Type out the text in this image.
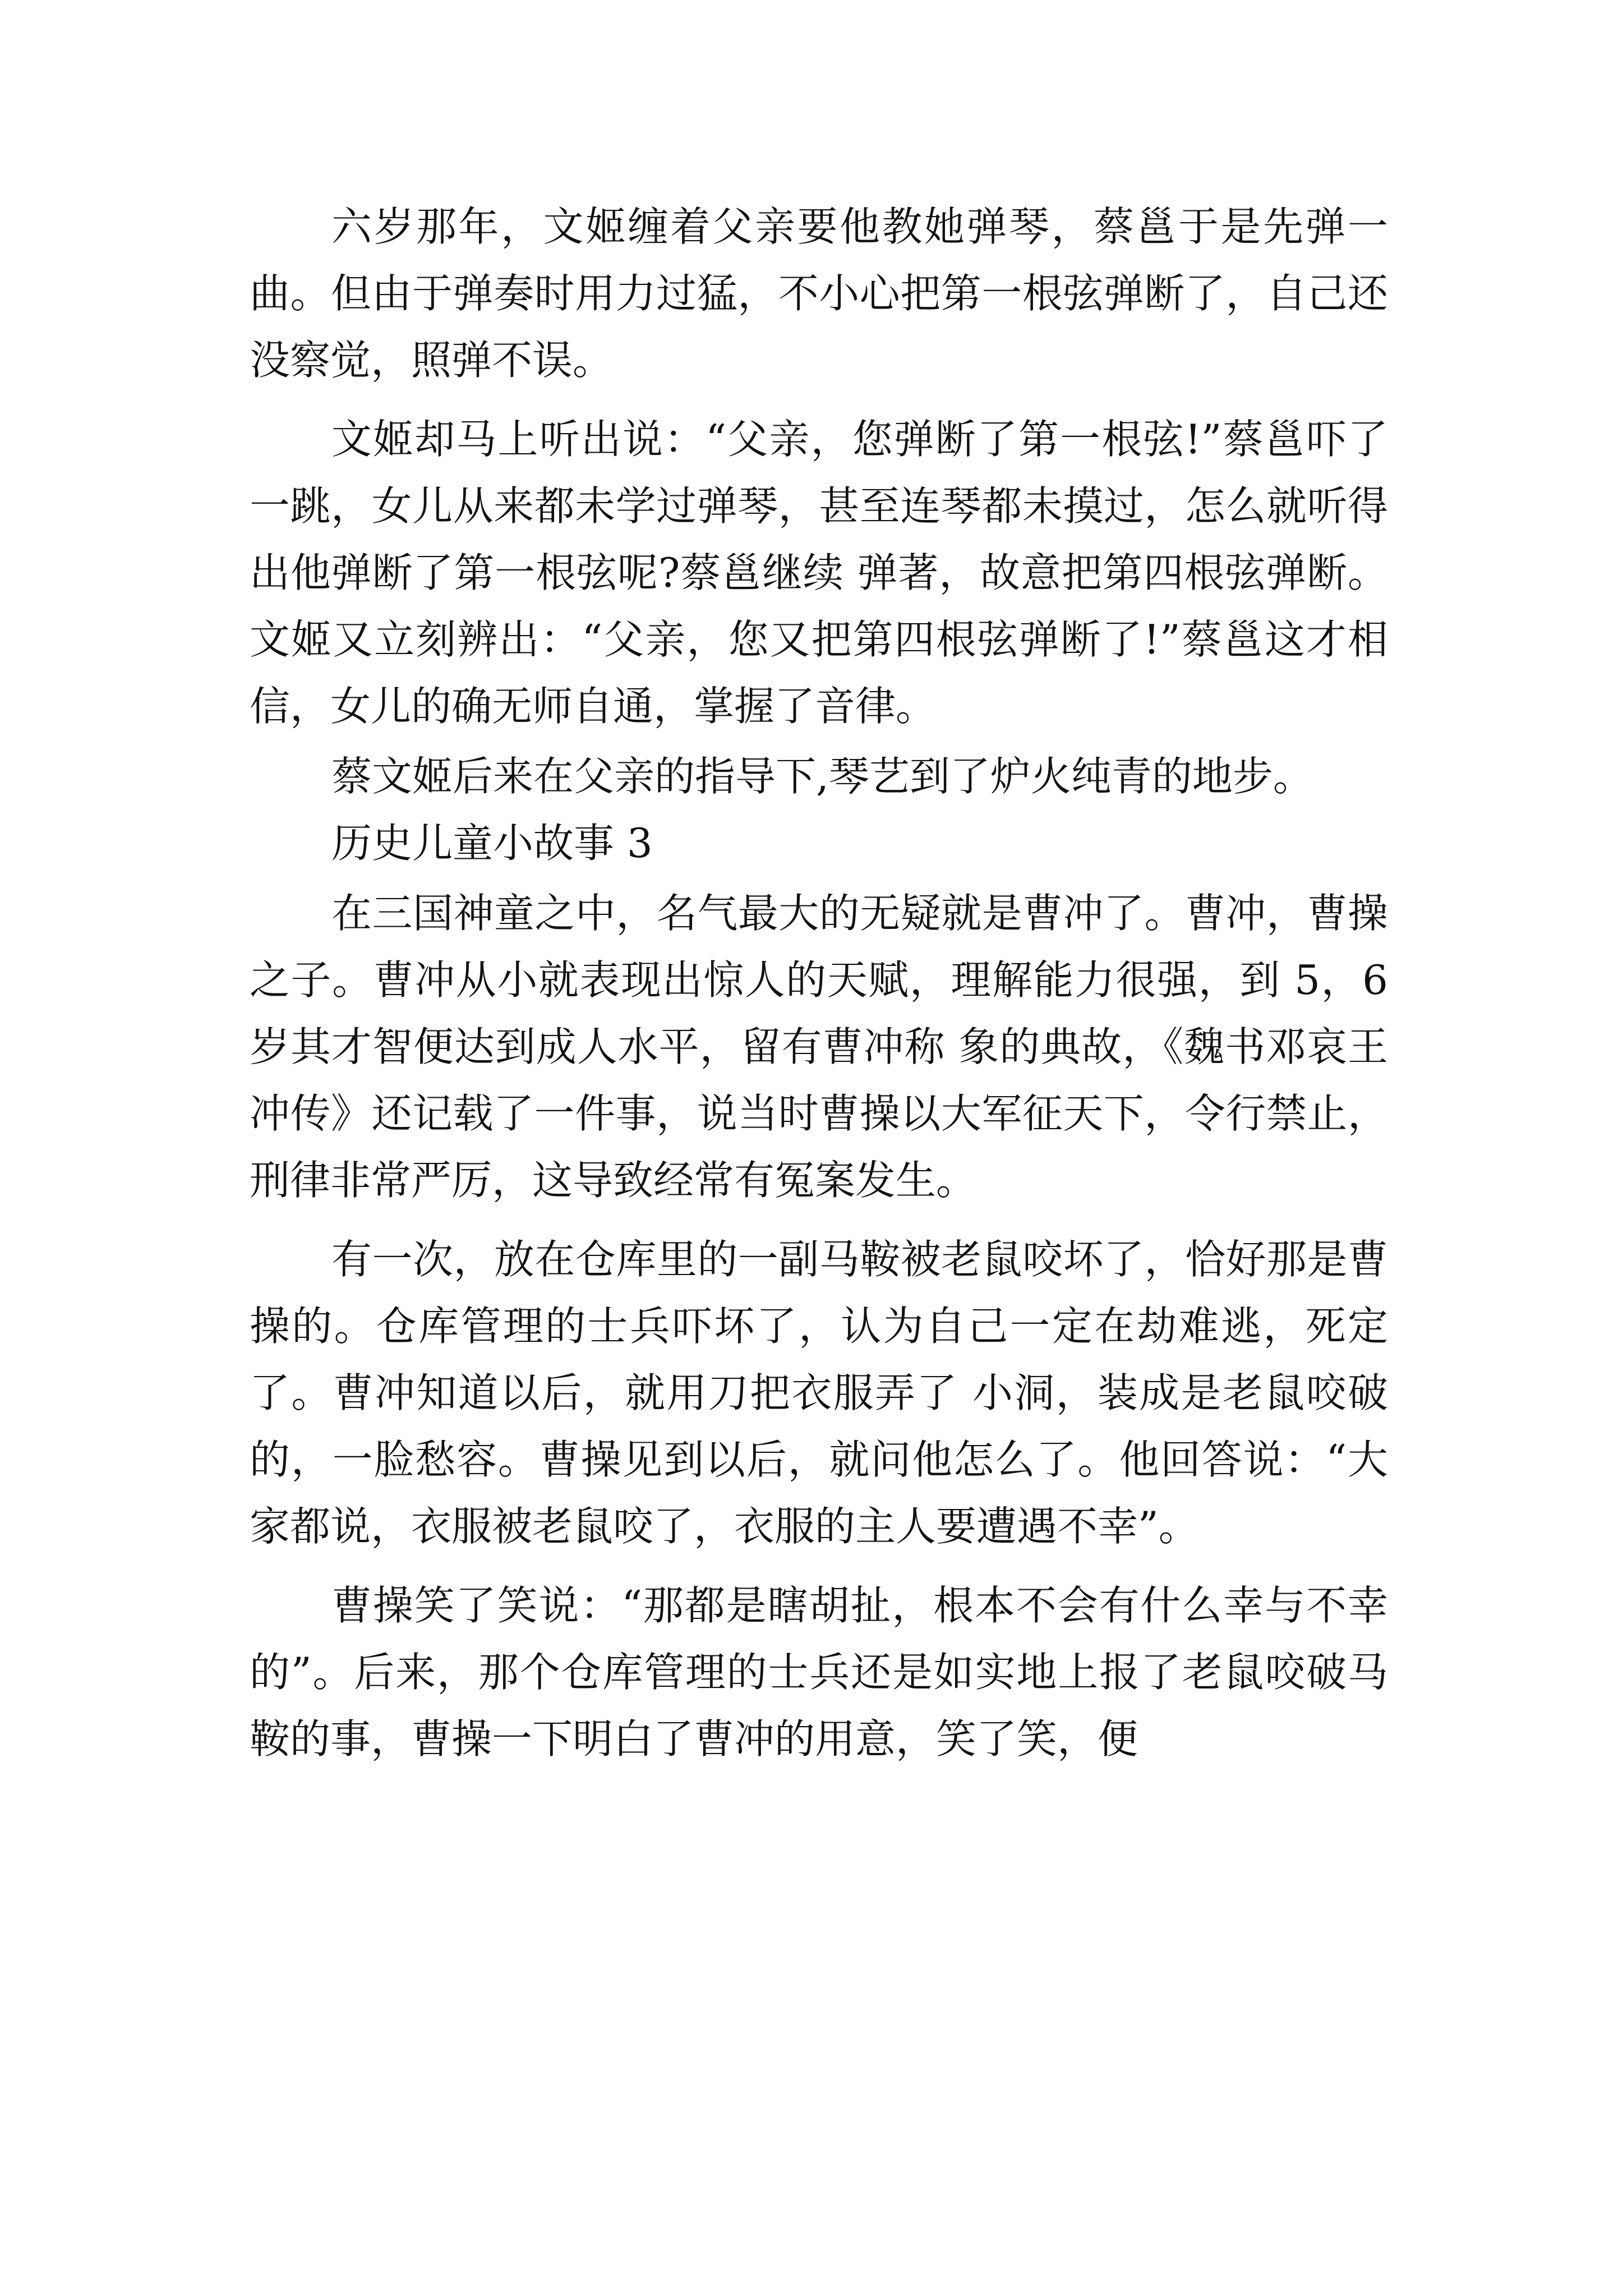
六岁那年，文姬缠着父亲要他教她弹琴，蔡邕于是先弹一曲。但由于弹奏时用力过猛，不小心把第一根弦弹断了，自己还没察觉，照弹不误。

文姬却马上听出说：“父亲，您弹断了第一根弦!”蔡邕吓了一跳，女儿从来都未学过弹琴，甚至连琴都未摸过，怎么就听得出他弹断了第一根弦呢?蔡邕继续 弹著，故意把第四根弦弹断。文姬又立刻辨出：“父亲，您又把第四根弦弹断了!”蔡邕这才相信，女儿的确无师自通，掌握了音律。

蔡文姬后来在父亲的指导下,琴艺到了炉火纯青的地步。

历史儿童小故事 3

在三国神童之中，名气最大的无疑就是曹冲了。曹冲，曹操之子。曹冲从小就表现出惊人的天赋，理解能力很强，到 5，6 岁其才智便达到成人水平，留有曹冲称 象的典故，《魏书邓哀王冲传》还记载了一件事，说当时曹操以大军征天下，令行禁止，刑律非常严厉，这导致经常有冤案发生。

有一次，放在仓库里的一副马鞍被老鼠咬坏了，恰好那是曹操的。仓库管理的士兵吓坏了，认为自己一定在劫难逃，死定了。曹冲知道以后，就用刀把衣服弄了 小洞，装成是老鼠咬破的，一脸愁容。曹操见到以后，就问他怎么了。他回答说：“大家都说，衣服被老鼠咬了，衣服的主人要遭遇不幸”。

曹操笑了笑说：“那都是瞎胡扯，根本不会有什么幸与不幸的”。后来，那个仓库管理的士兵还是如实地上报了老鼠咬破马鞍的事，曹操一下明白了曹冲的用意，笑了笑，便
